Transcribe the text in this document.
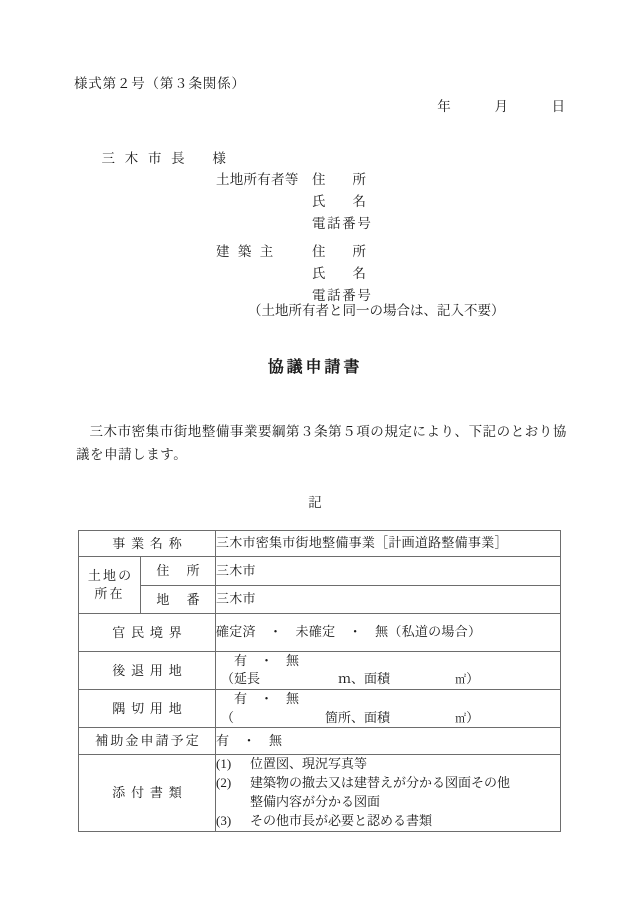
様式第２号（第３条関係）
年　　　月　　　日

三木市長 様

土地所有者等 住　　所
氏　　名
電話番号
建築主	住　　所
氏　　名
電話番号
（土地所有者と同一の場合は、記入不要）
協議申請書
三木市密集市街地整備事業要綱第３条第５項の規定により、下記のとおり協議を申請します。
記
事業名称		三木市密集市街地整備事業［計画道路整備事業］
土地の
所在	住　所	三木市
	地　番	三木市
官民境界		確定済　・　未確定　・　無（私道の場合）
後退用地		有　・　無
（延長　　　　　　 ｍ、面積　　　　　 ㎡）

隅切用地		有　・　無
（　　　　　　　 箇所、面積　　　　　 ㎡）

補助金申請予定		有　・　無
添付書類		(1) 位置図、現況写真等
(2) 建築物の撤去又は建替えが分かる図面その他
整備内容が分かる図面
(3) その他市長が必要と認める書類
